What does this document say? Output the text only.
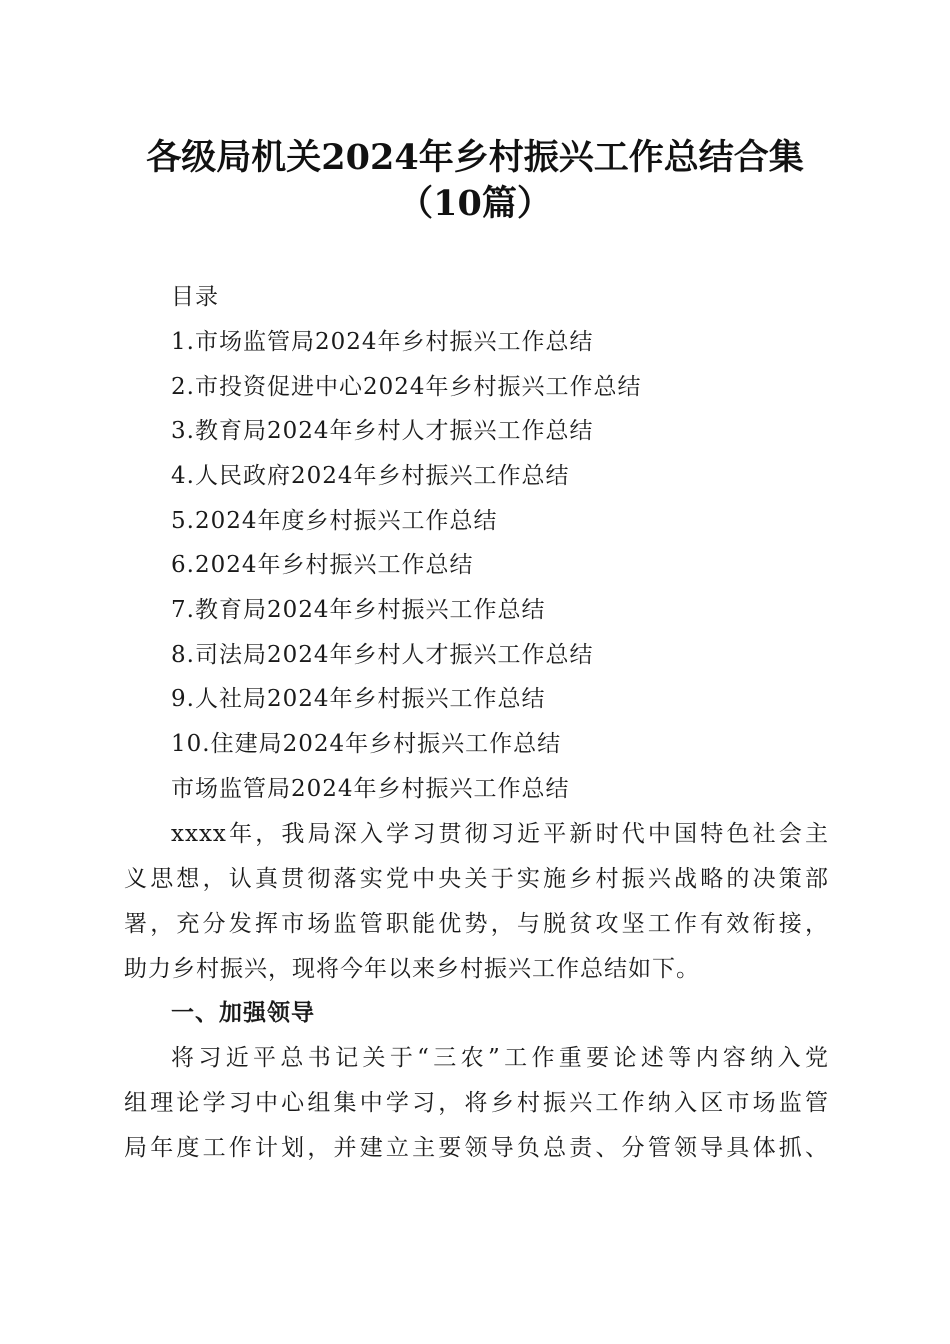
各级局机关2024年乡村振兴工作总结合集
（10篇）
目录
1.市场监管局2024年乡村振兴工作总结
2.市投资促进中心2024年乡村振兴工作总结
3.教育局2024年乡村人才振兴工作总结
4.人民政府2024年乡村振兴工作总结
5.2024年度乡村振兴工作总结
6.2024年乡村振兴工作总结
7.教育局2024年乡村振兴工作总结
8.司法局2024年乡村人才振兴工作总结
9.人社局2024年乡村振兴工作总结
10.住建局2024年乡村振兴工作总结
市场监管局2024年乡村振兴工作总结
xxxx年，我局深入学习贯彻习近平新时代中国特色社会主
义思想，认真贯彻落实党中央关于实施乡村振兴战略的决策部
署，充分发挥市场监管职能优势，与脱贫攻坚工作有效衔接，
助力乡村振兴，现将今年以来乡村振兴工作总结如下。
一、加强领导
将习近平总书记关于“三农”工作重要论述等内容纳入党
组理论学习中心组集中学习，将乡村振兴工作纳入区市场监管
局年度工作计划，并建立主要领导负总责、分管领导具体抓、
